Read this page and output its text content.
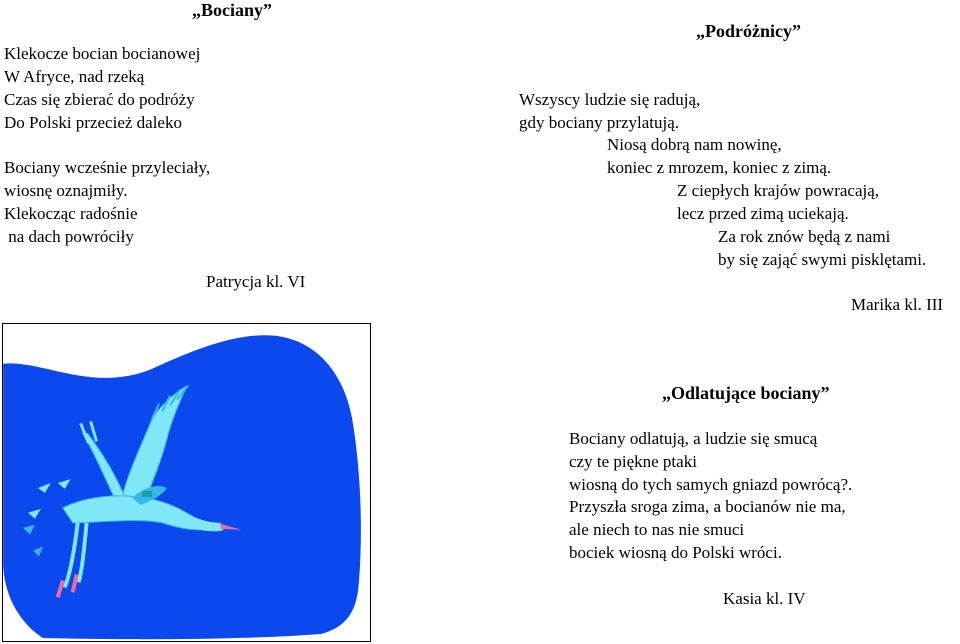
„Bociany”
Klekocze bocian bocianowej
W Afryce, nad rzeką
Czas się zbierać do podróży
Do Polski przecież daleko
Bociany wcześnie przyleciały,
wiosnę oznajmiły.
Klekocząc radośnie
na dach powróciły
Patrycja kl. VI
„Podróżnicy”
Wszyscy ludzie się radują,
gdy bociany przylatują.
Niosą dobrą nam nowinę,
koniec z mrozem, koniec z zimą.
Z ciepłych krajów powracają,
lecz przed zimą uciekają.
Za rok znów będą z nami
by się zająć swymi pisklętami.
Marika kl. III
„Odlatujące bociany”
Bociany odlatują, a ludzie się smucą
czy te piękne ptaki
wiosną do tych samych gniazd powrócą?.
Przyszła sroga zima, a bocianów nie ma,
ale niech to nas nie smuci
bociek wiosną do Polski wróci.
Kasia kl. IV
